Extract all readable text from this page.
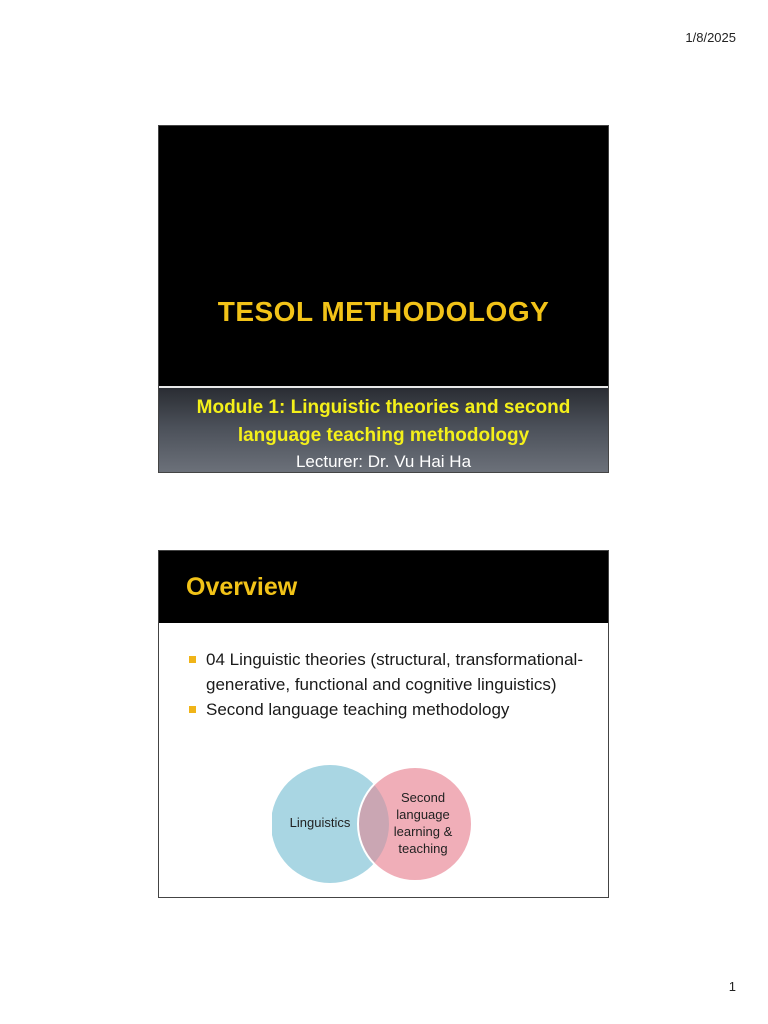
1/8/2025
TESOL METHODOLOGY
Module 1: Linguistic theories and second
language teaching methodology
Lecturer: Dr. Vu Hai Ha
Overview
04 Linguistic theories (structural, transformational-generative, functional and cognitive linguistics)
Second language teaching methodology
Linguistics
Second
language
learning &
teaching
1
